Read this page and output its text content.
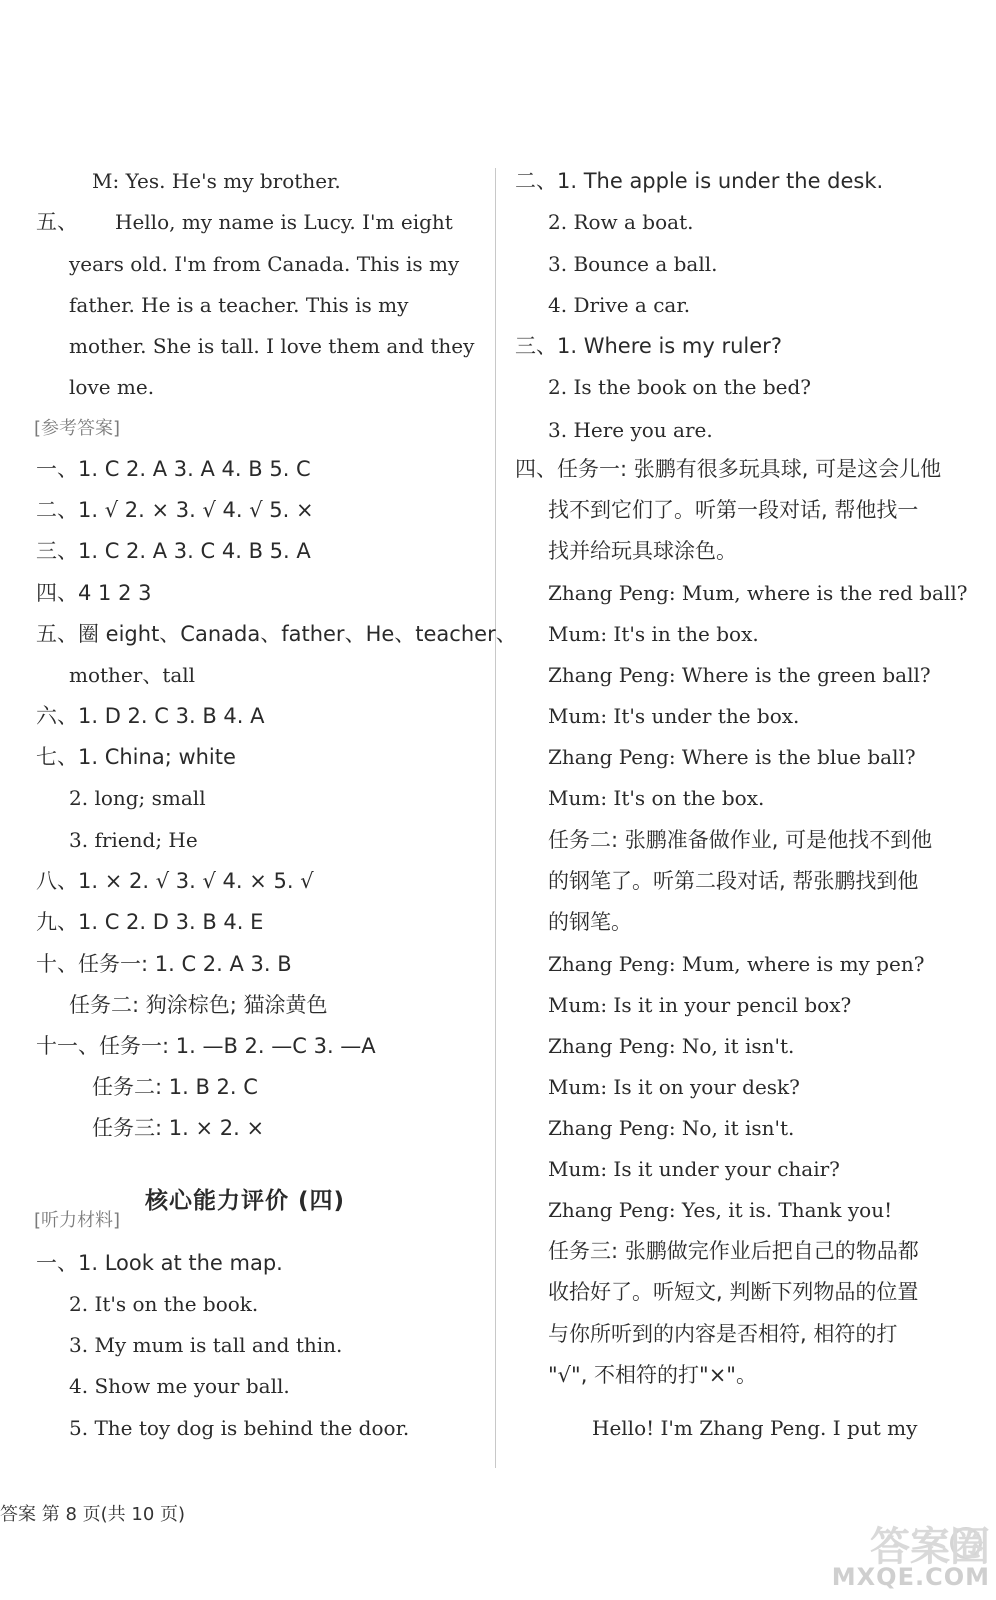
M: Yes. He's my brother.
五、 Hello, my name is Lucy. I'm eight
years old. I'm from Canada. This is my
father. He is a teacher. This is my
mother. She is tall. I love them and they
love me.
[参考答案]
一、1. C 2. A 3. A 4. B 5. C
二、1. √ 2. × 3. √ 4. √ 5. ×
三、1. C 2. A 3. C 4. B 5. A
四、4 1 2 3
五、圈 eight、Canada、father、He、teacher、
mother、tall
六、1. D 2. C 3. B 4. A
七、1. China; white
2. long; small
3. friend; He
八、1. × 2. √ 3. √ 4. × 5. √
九、1. C 2. D 3. B 4. E
十、任务一: 1. C 2. A 3. B
任务二: 狗涂棕色; 猫涂黄色
十一、任务一: 1. —B 2. —C 3. —A
任务二: 1. B 2. C
任务三: 1. × 2. ×
核心能力评价 (四)
[听力材料]
一、1. Look at the map.
2. It's on the book.
3. My mum is tall and thin.
4. Show me your ball.
5. The toy dog is behind the door.
二、1. The apple is under the desk.
2. Row a boat.
3. Bounce a ball.
4. Drive a car.
三、1. Where is my ruler?
2. Is the book on the bed?
3. Here you are.
四、任务一: 张鹏有很多玩具球, 可是这会儿他
找不到它们了。听第一段对话, 帮他找一
找并给玩具球涂色。
Zhang Peng: Mum, where is the red ball?
Mum: It's in the box.
Zhang Peng: Where is the green ball?
Mum: It's under the box.
Zhang Peng: Where is the blue ball?
Mum: It's on the box.
任务二: 张鹏准备做作业, 可是他找不到他
的钢笔了。听第二段对话, 帮张鹏找到他
的钢笔。
Zhang Peng: Mum, where is my pen?
Mum: Is it in your pencil box?
Zhang Peng: No, it isn't.
Mum: Is it on your desk?
Zhang Peng: No, it isn't.
Mum: Is it under your chair?
Zhang Peng: Yes, it is. Thank you!
任务三: 张鹏做完作业后把自己的物品都
收拾好了。听短文, 判断下列物品的位置
与你所听到的内容是否相符, 相符的打
"√", 不相符的打"×"。
Hello! I'm Zhang Peng. I put my
答案 第 8 页(共 10 页)
答案圈
MXQE.COM
